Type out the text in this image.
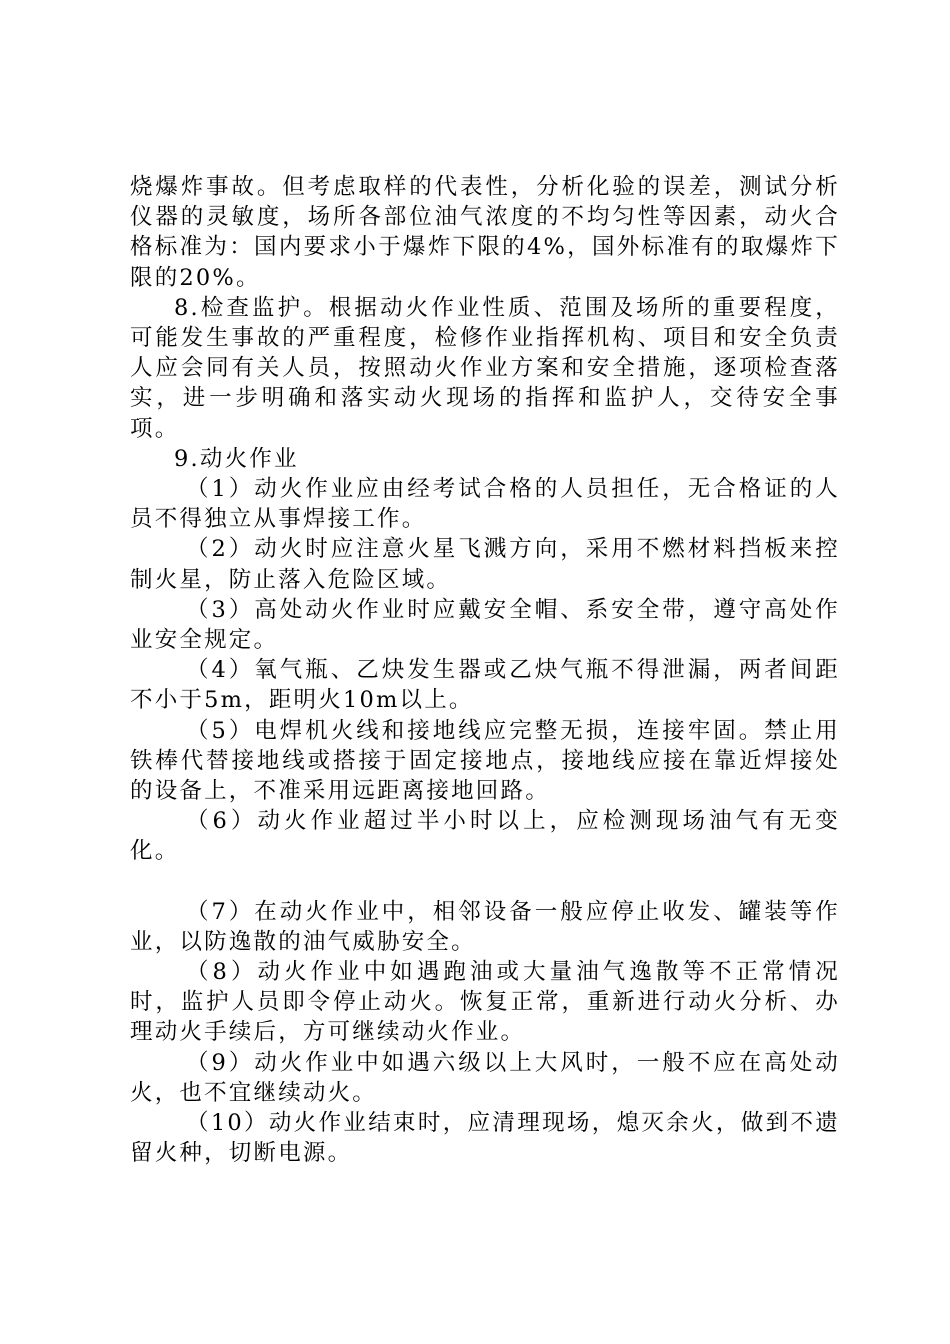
烧爆炸事故。但考虑取样的代表性，分析化验的误差，测试分析仪器的灵敏度，场所各部位油气浓度的不均匀性等因素，动火合格标准为：国内要求小于爆炸下限的4%，国外标准有的取爆炸下限的20%。

8.检查监护。根据动火作业性质、范围及场所的重要程度，可能发生事故的严重程度，检修作业指挥机构、项目和安全负责人应会同有关人员，按照动火作业方案和安全措施，逐项检查落实，进一步明确和落实动火现场的指挥和监护人，交待安全事项。

9.动火作业

（1）动火作业应由经考试合格的人员担任，无合格证的人员不得独立从事焊接工作。

（2）动火时应注意火星飞溅方向，采用不燃材料挡板来控制火星，防止落入危险区域。

（3）高处动火作业时应戴安全帽、系安全带，遵守高处作业安全规定。

（4）氧气瓶、乙炔发生器或乙炔气瓶不得泄漏，两者间距不小于5m，距明火10m以上。

（5）电焊机火线和接地线应完整无损，连接牢固。禁止用铁棒代替接地线或搭接于固定接地点，接地线应接在靠近焊接处的设备上，不准采用远距离接地回路。

（6）动火作业超过半小时以上，应检测现场油气有无变化。

（7）在动火作业中，相邻设备一般应停止收发、罐装等作业，以防逸散的油气威胁安全。

（8）动火作业中如遇跑油或大量油气逸散等不正常情况时，监护人员即令停止动火。恢复正常，重新进行动火分析、办理动火手续后，方可继续动火作业。

（9）动火作业中如遇六级以上大风时，一般不应在高处动火，也不宜继续动火。

（10）动火作业结束时，应清理现场，熄灭余火，做到不遗留火种，切断电源。
